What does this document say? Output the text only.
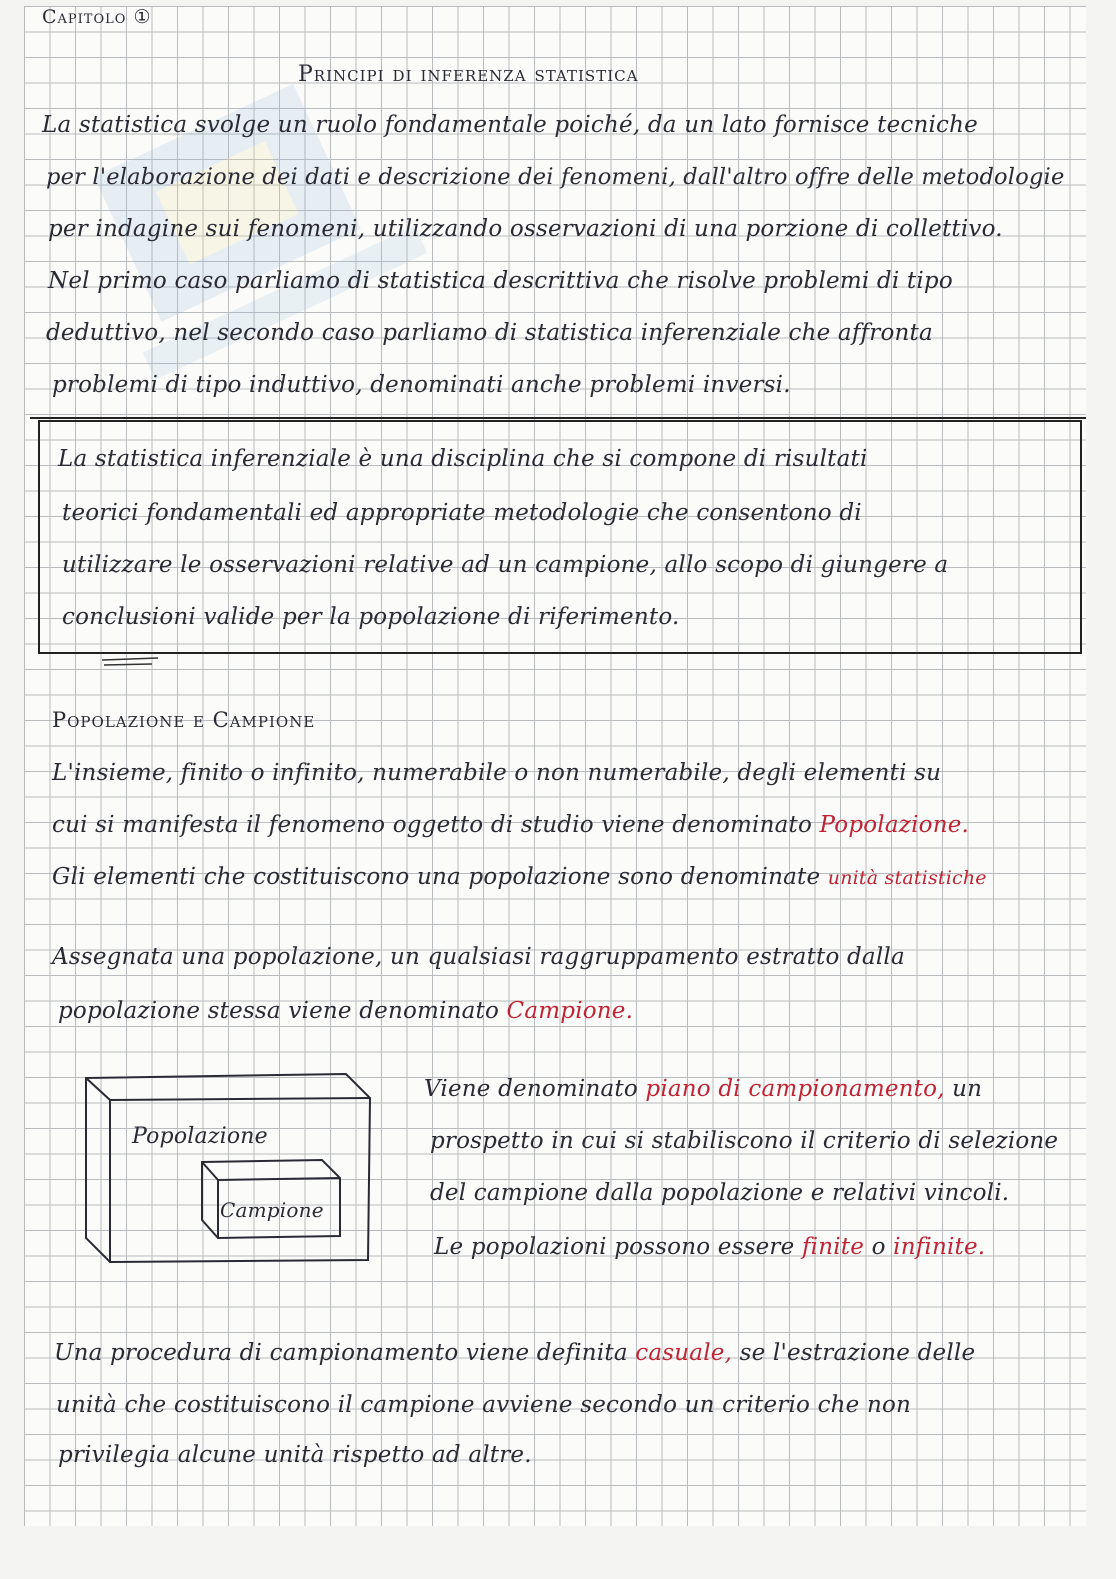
Capitolo ①
Principi di inferenza statistica
La statistica svolge un ruolo fondamentale poiché, da un lato fornisce tecniche
per l'elaborazione dei dati e descrizione dei fenomeni, dall'altro offre delle metodologie
per indagine sui fenomeni, utilizzando osservazioni di una porzione di collettivo.
Nel primo caso parliamo di statistica descrittiva che risolve problemi di tipo
deduttivo, nel secondo caso parliamo di statistica inferenziale che affronta
problemi di tipo induttivo, denominati anche problemi inversi.
La statistica inferenziale è una disciplina che si compone di risultati
teorici fondamentali ed appropriate metodologie che consentono di
utilizzare le osservazioni relative ad un campione, allo scopo di giungere a
conclusioni valide per la popolazione di riferimento.
Popolazione e Campione
L'insieme, finito o infinito, numerabile o non numerabile, degli elementi su
cui si manifesta il fenomeno oggetto di studio viene denominato Popolazione.
Gli elementi che costituiscono una popolazione sono denominate unità statistiche
Assegnata una popolazione, un qualsiasi raggruppamento estratto dalla
popolazione stessa viene denominato Campione.
Popolazione
Campione
Viene denominato piano di campionamento, un
prospetto in cui si stabiliscono il criterio di selezione
del campione dalla popolazione e relativi vincoli.
Le popolazioni possono essere finite o infinite.
Una procedura di campionamento viene definita casuale, se l'estrazione delle
unità che costituiscono il campione avviene secondo un criterio che non
privilegia alcune unità rispetto ad altre.
